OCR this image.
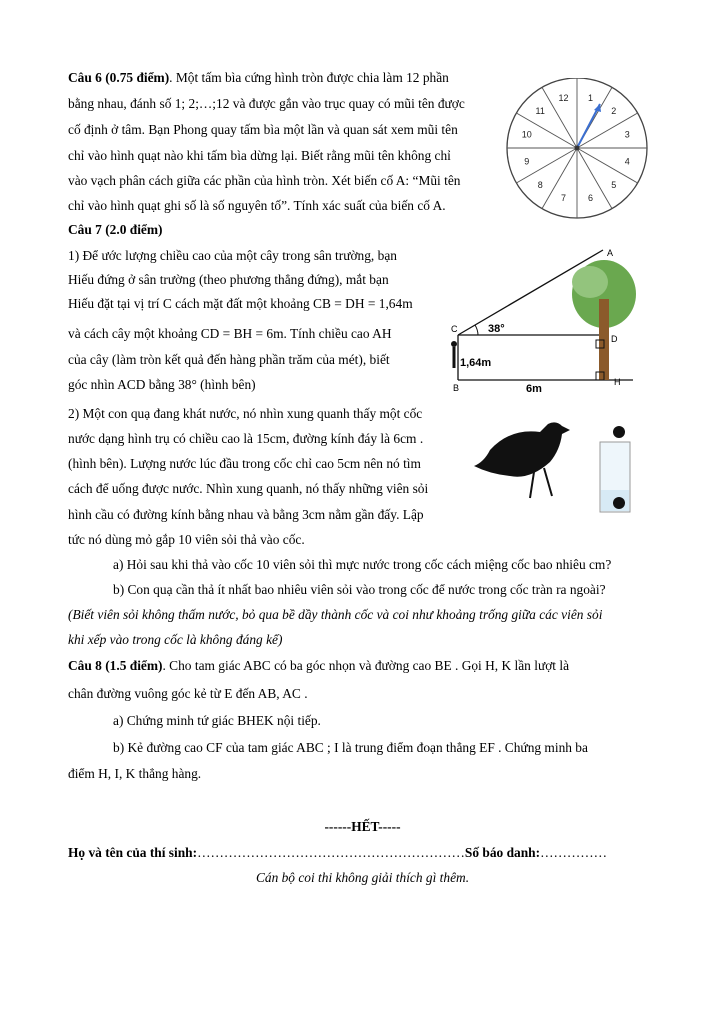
Câu 6 (0.75 điểm). Một tấm bìa cứng hình tròn được chia làm 12 phần
bằng nhau, đánh số 1; 2;…;12 và được gắn vào trục quay có mũi tên được
cố định ở tâm. Bạn Phong quay tấm bìa một lần và quan sát xem mũi tên
chỉ vào hình quạt nào khi tấm bìa dừng lại. Biết rằng mũi tên không chỉ
vào vạch phân cách giữa các phần của hình tròn. Xét biến cố A: “Mũi tên
chỉ vào hình quạt ghi số là số nguyên tố”. Tính xác suất của biến cố A.
1
2
3
4
5
6
7
8
9
10
11
12
Câu 7 (2.0 điểm)
1) Để ước lượng chiều cao của một cây trong sân trường, bạn
Hiếu đứng ở sân trường (theo phương thẳng đứng), mắt bạn
Hiếu đặt tại vị trí C cách mặt đất một khoảng CB = DH = 1,64m
và cách cây một khoảng CD = BH = 6m. Tính chiều cao AH
của cây (làm tròn kết quả đến hàng phần trăm của mét), biết
góc nhìn ACD bằng 38° (hình bên)
C
A
D
B
H
38°
1,64m
6m
2) Một con quạ đang khát nước, nó nhìn xung quanh thấy một cốc
nước dạng hình trụ có chiều cao là 15cm, đường kính đáy là 6cm .
(hình bên). Lượng nước lúc đầu trong cốc chỉ cao 5cm nên nó tìm
cách để uống được nước. Nhìn xung quanh, nó thấy những viên sỏi
hình cầu có đường kính bằng nhau và bằng 3cm nằm gần đấy. Lập
tức nó dùng mỏ gắp 10 viên sỏi thả vào cốc.
a) Hỏi sau khi thả vào cốc 10 viên sỏi thì mực nước trong cốc cách miệng cốc bao nhiêu cm?
b) Con quạ cần thả ít nhất bao nhiêu viên sỏi vào trong cốc để nước trong cốc tràn ra ngoài?
(Biết viên sỏi không thấm nước, bỏ qua bề dầy thành cốc và coi như khoảng trống giữa các viên sỏi
khi xếp vào trong cốc là không đáng kể)
Câu 8 (1.5 điểm). Cho tam giác ABC có ba góc nhọn và đường cao BE . Gọi H, K lần lượt là
chân đường vuông góc kẻ từ E đến AB, AC .
a) Chứng minh tứ giác BHEK nội tiếp.
b) Kẻ đường cao CF của tam giác ABC ; I là trung điểm đoạn thẳng EF . Chứng minh ba
điểm H, I, K thẳng hàng.
------HẾT-----
Họ và tên của thí sinh:……………………………………………………Số báo danh:……………
Cán bộ coi thi không giải thích gì thêm.
